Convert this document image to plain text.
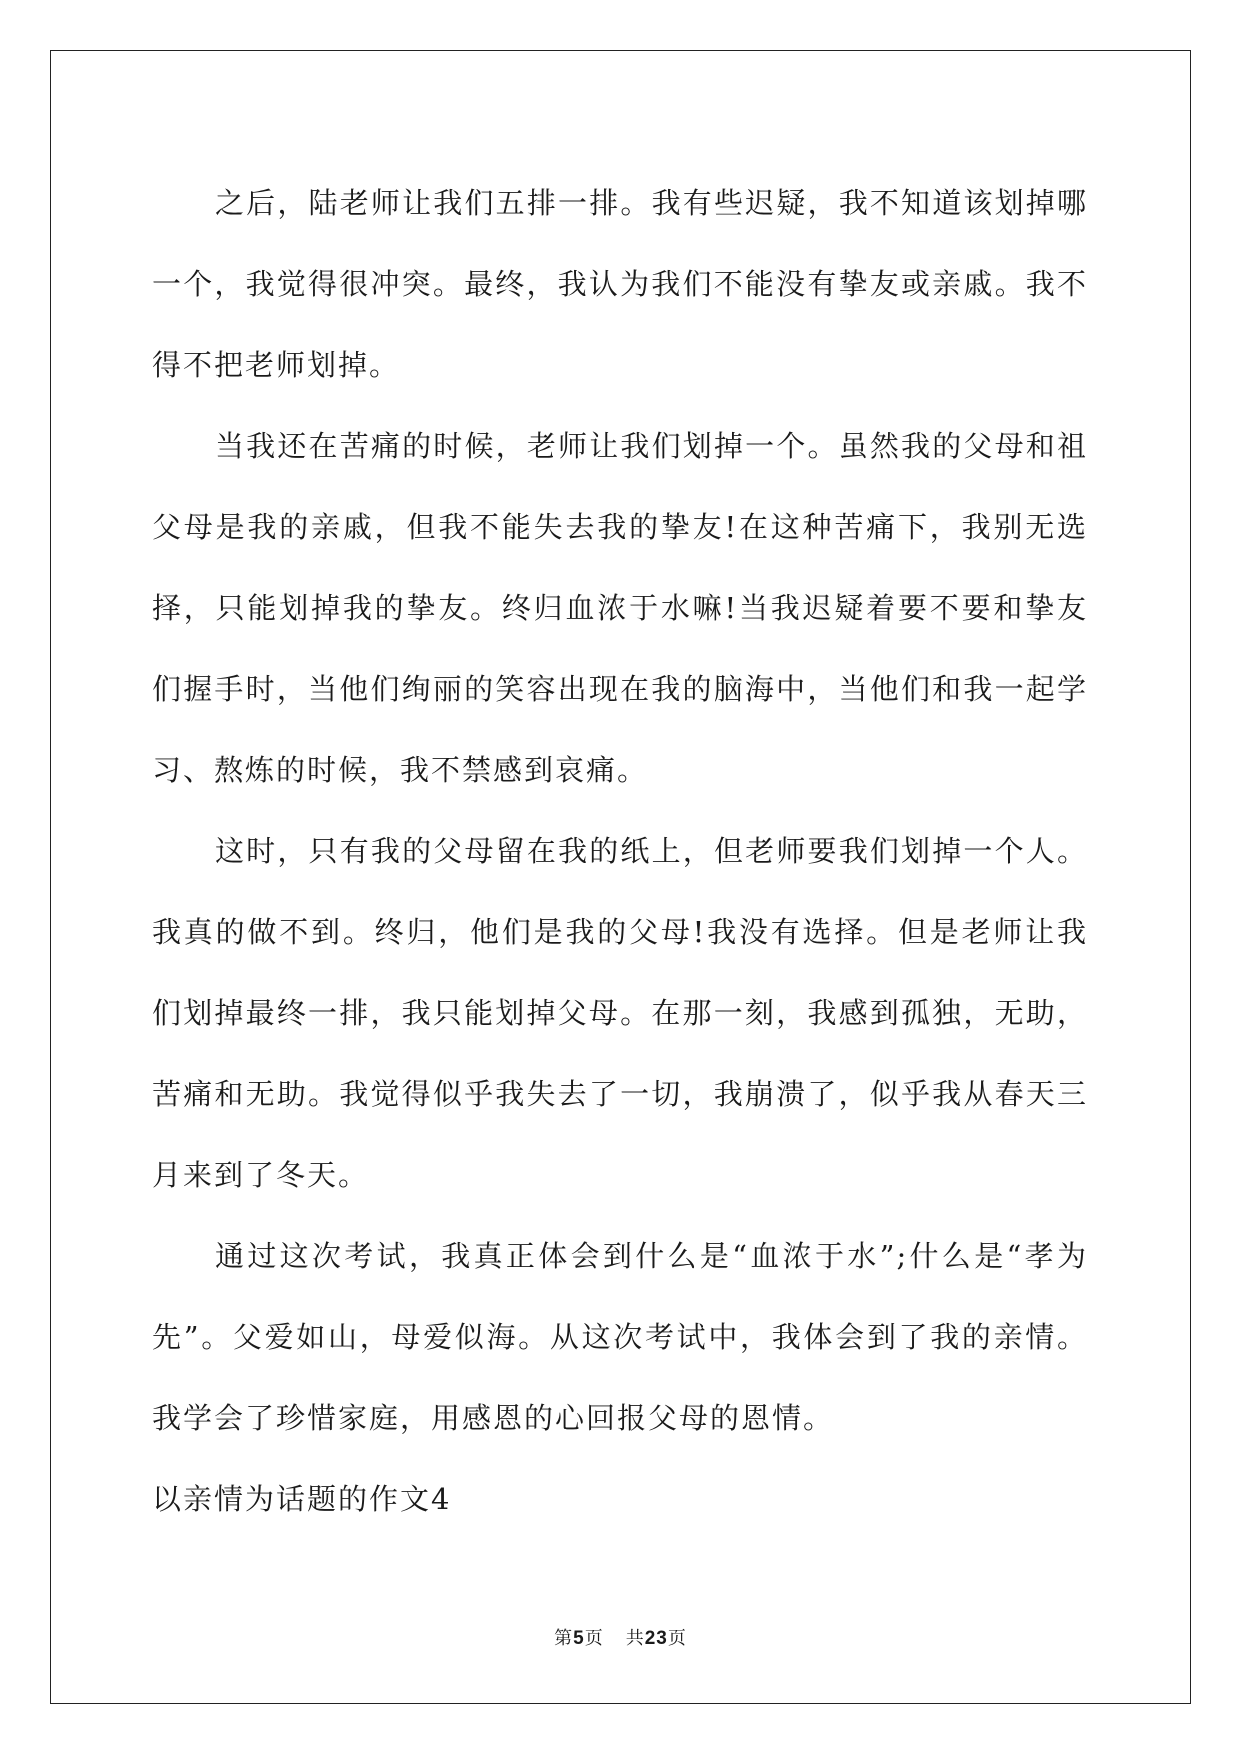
之后，陆老师让我们五排一排。我有些迟疑，我不知道该划掉哪一个，我觉得很冲突。最终，我认为我们不能没有挚友或亲戚。我不得不把老师划掉。

当我还在苦痛的时候，老师让我们划掉一个。虽然我的父母和祖父母是我的亲戚，但我不能失去我的挚友!在这种苦痛下，我别无选择，只能划掉我的挚友。终归血浓于水嘛!当我迟疑着要不要和挚友们握手时，当他们绚丽的笑容出现在我的脑海中，当他们和我一起学习、熬炼的时候，我不禁感到哀痛。

这时，只有我的父母留在我的纸上，但老师要我们划掉一个人。我真的做不到。终归，他们是我的父母!我没有选择。但是老师让我们划掉最终一排，我只能划掉父母。在那一刻，我感到孤独，无助，苦痛和无助。我觉得似乎我失去了一切，我崩溃了，似乎我从春天三月来到了冬天。

通过这次考试，我真正体会到什么是“血浓于水”;什么是“孝为先”。父爱如山，母爱似海。从这次考试中，我体会到了我的亲情。我学会了珍惜家庭，用感恩的心回报父母的恩情。

以亲情为话题的作文4

第5页 共23页
